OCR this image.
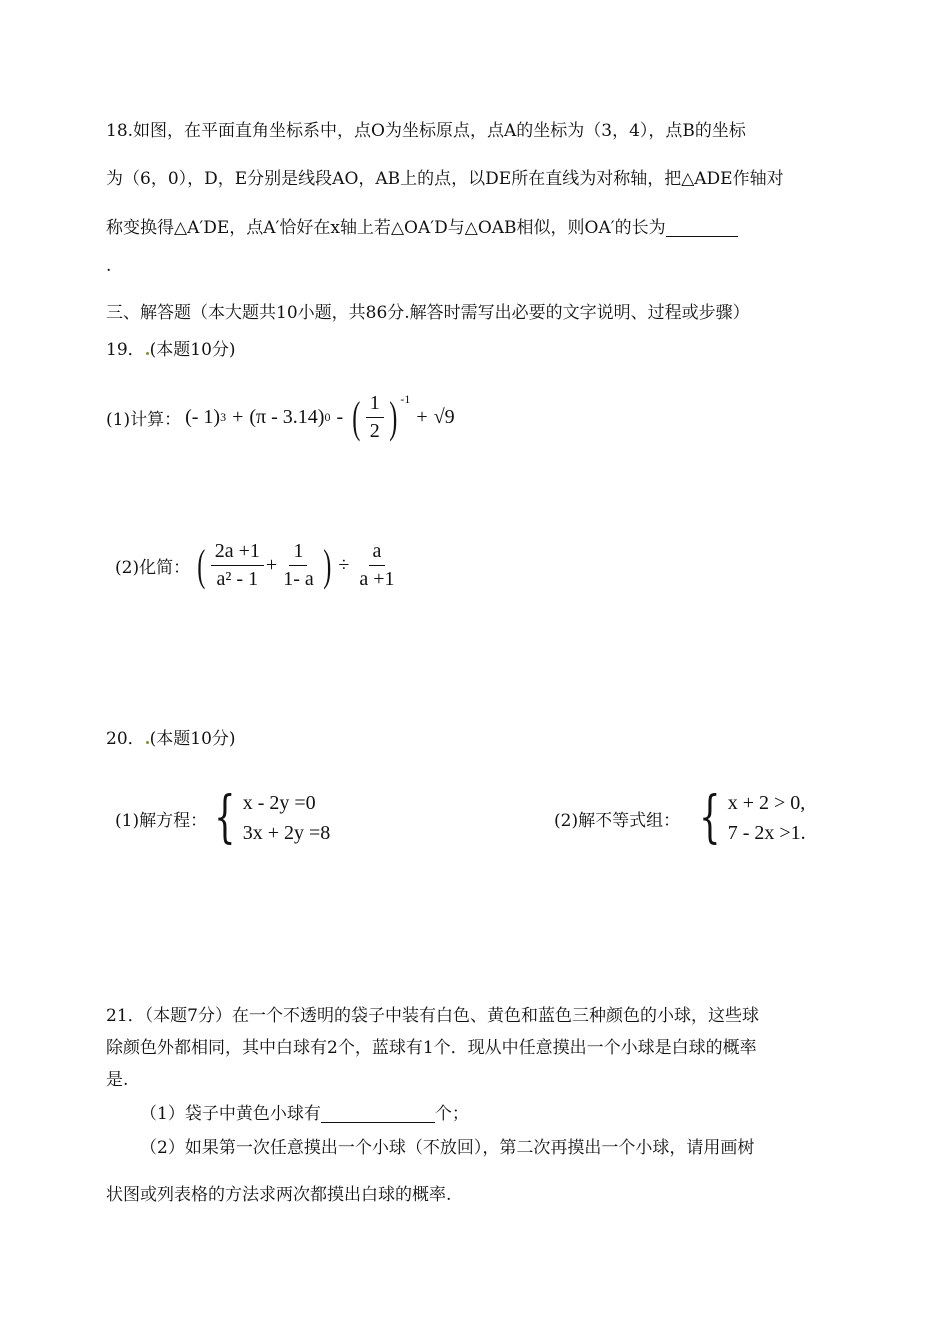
18.如图，在平面直角坐标系中，点O为坐标原点，点A的坐标为（3，4），点B的坐标
为（6，0），D，E分别是线段AO，AB上的点，以DE所在直线为对称轴，把△ADE作轴对
称变换得△A′DE，点A′恰好在x轴上若△OA′D与△OAB相似，则OA′的长为
.
三、解答题（本大题共10小题，共86分.解答时需写出必要的文字说明、过程或步骤）
19． (本题10分)
(1)计算： (- 1) 3 + (π - 3.14) 0 - ( $\frac{1}{2}$ ) -1
+ √9
(2)化简： ( $\frac{2a +1}{\text{a² - 1}} + \frac{1}{1- a}$ ) ÷ $\frac{a}{a +1}$
20． (本题10分)
(1)解方程： { x - 2y =0
3x + 2y =8
(2)解不等式组： { x + 2 > 0,
7 - 2x >1.
21．（本题7分）在一个不透明的袋子中装有白色、黄色和蓝色三种颜色的小球，这些球
除颜色外都相同，其中白球有2个，蓝球有1个．现从中任意摸出一个小球是白球的概率
是.
（1）袋子中黄色小球有	个；
（2）如果第一次任意摸出一个小球（不放回），第二次再摸出一个小球，请用画树
状图或列表格的方法求两次都摸出白球的概率.
